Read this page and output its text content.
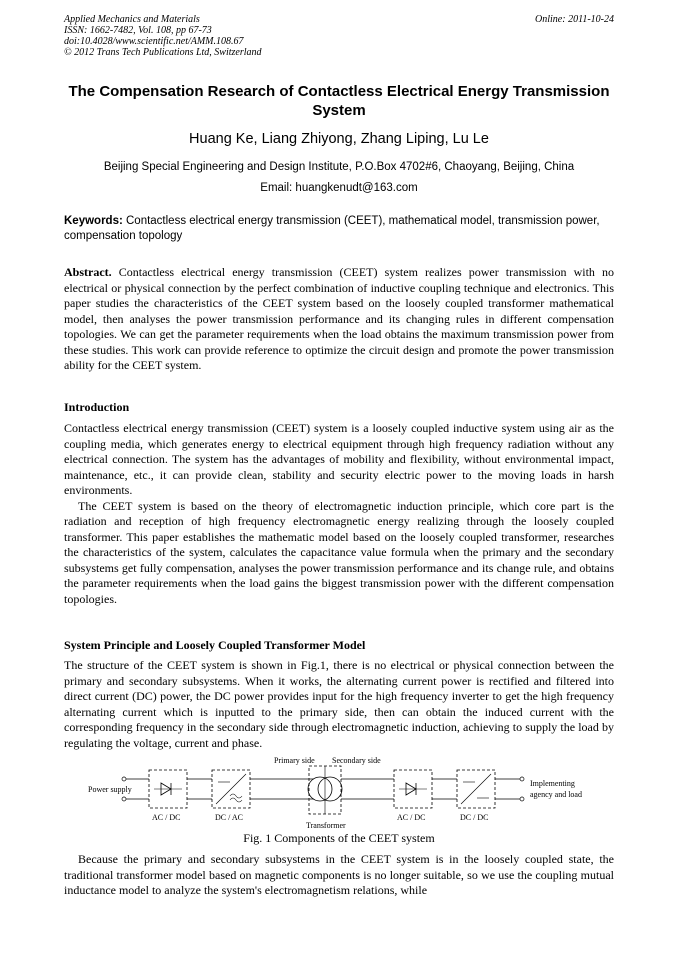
Applied Mechanics and Materials
ISSN: 1662-7482, Vol. 108, pp 67-73
doi:10.4028/www.scientific.net/AMM.108.67
© 2012 Trans Tech Publications Ltd, Switzerland
Online: 2011-10-24
The Compensation Research of Contactless Electrical Energy Transmission System
Huang Ke, Liang Zhiyong, Zhang Liping, Lu Le
Beijing Special Engineering and Design Institute, P.O.Box 4702#6, Chaoyang, Beijing, China
Email: huangkenudt@163.com
Keywords: Contactless electrical energy transmission (CEET), mathematical model, transmission power, compensation topology
Abstract. Contactless electrical energy transmission (CEET) system realizes power transmission with no electrical or physical connection by the perfect combination of inductive coupling technique and electronics. This paper studies the characteristics of the CEET system based on the loosely coupled transformer mathematical model, then analyses the power transmission performance and its changing rules in different compensation topologies. We can get the parameter requirements when the load obtains the maximum transmission power from these studies. This work can provide reference to optimize the circuit design and promote the power transmission ability for the CEET system.
Introduction

Contactless electrical energy transmission (CEET) system is a loosely coupled inductive system using air as the coupling media, which generates energy to electrical equipment through high frequency radiation without any electrical connection. The system has the advantages of mobility and flexibility, without environmental impact, maintenance, etc., it can provide clean, stability and security electric power to the moving loads in harsh environments.

The CEET system is based on the theory of electromagnetic induction principle, which core part is the radiation and reception of high frequency electromagnetic energy realizing through the loosely coupled transformer. This paper establishes the mathematic model based on the loosely coupled transformer, researches the characteristics of the system, calculates the capacitance value formula when the primary and the secondary subsystems get fully compensation, analyses the power transmission performance and its change rule, and obtains the parameter requirements when the load gains the biggest transmission power with the different compensation topologies.

System Principle and Loosely Coupled Transformer Model
The structure of the CEET system is shown in Fig.1, there is no electrical or physical connection between the primary and secondary subsystems. When it works, the alternating current power is rectified and filtered into direct current (DC) power, the DC power provides input for the high frequency inverter to get the high frequency alternating current which is inputted to the primary side, then can obtain the induced current with the corresponding frequency in the secondary side through electromagnetic induction, achieving to supply the load by regulating the voltage, current and phase.
Primary side Secondary side
Power supply
AC / DC	DC / AC
Transformer
AC / DC	DC / DC
Implementing
agency and load
Fig. 1 Components of the CEET system
Because the primary and secondary subsystems in the CEET system is in the loosely coupled state, the traditional transformer model based on magnetic components is no longer suitable, so we use the coupling mutual inductance model to analyze the system's electromagnetism relations, while
